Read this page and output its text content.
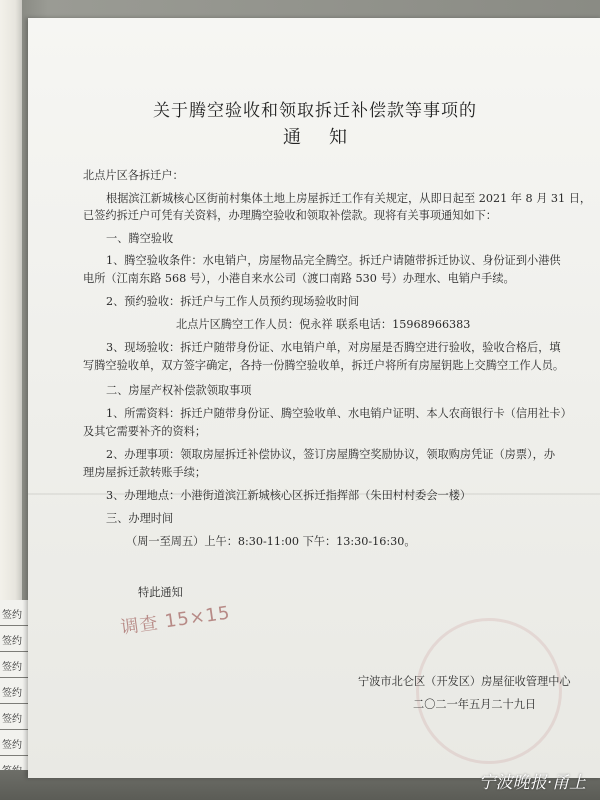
签约
签约
签约
签约
签约
签约
关于腾空验收和领取拆迁补偿款等事项的
通知
北点片区各拆迁户：
根据滨江新城核心区街前村集体土地上房屋拆迁工作有关规定，从即日起至 2021 年 8 月 31 日，
已签约拆迁户可凭有关资料，办理腾空验收和领取补偿款。现将有关事项通知如下：
一、腾空验收
1、腾空验收条件：水电销户，房屋物品完全腾空。拆迁户请随带拆迁协议、身份证到小港供
电所（江南东路 568 号），小港自来水公司（渡口南路 530 号）办理水、电销户手续。
2、预约验收：拆迁户与工作人员预约现场验收时间
北点片区腾空工作人员：倪永祥 联系电话：15968966383
3、现场验收：拆迁户随带身份证、水电销户单，对房屋是否腾空进行验收，验收合格后，填
写腾空验收单，双方签字确定，各持一份腾空验收单，拆迁户将所有房屋钥匙上交腾空工作人员。
二、房屋产权补偿款领取事项
1、所需资料：拆迁户随带身份证、腾空验收单、水电销户证明、本人农商银行卡（信用社卡）
及其它需要补齐的资料；
2、办理事项：领取房屋拆迁补偿协议，签订房屋腾空奖励协议，领取购房凭证（房票），办
理房屋拆迁款转账手续；
3、办理地点：小港街道滨江新城核心区拆迁指挥部（朱田村村委会一楼）
三、办理时间
（周一至周五）上午：8:30-11:00 下午：13:30-16:30。
特此通知
调查 15×15
宁波市北仑区（开发区）房屋征收管理中心
二〇二一年五月二十九日
宁波晚报·甬上
